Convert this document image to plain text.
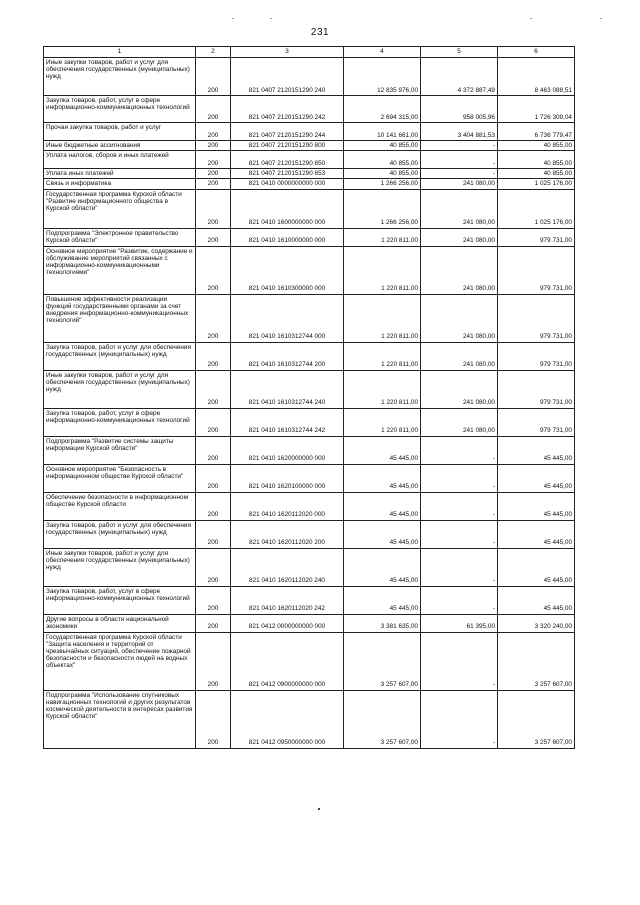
231
1	2	3	4	5	6
Иные закупки товаров, работ и услуг для обеспечения государственных (муниципальных) нужд	200	821 0407 2120151290 240	12 835 976,00	4 372 887,49	8 463 088,51
Закупка товаров, работ, услуг в сфере информационно-коммуникационных технологий	200	821 0407 2120151290 242	2 694 315,00	958 005,96	1 726 309,04
Прочая закупка товаров, работ и услуг	200	821 0407 2120151290 244	10 141 661,00	3 404 881,53	6 736 779,47
Иные бюджетные ассигнования	200	821 0407 2120151290 800	40 855,00	-	40 855,00
Уплата налогов, сборов и иных платежей	200	821 0407 2120151290 850	40 855,00	-	40 855,00
Уплата иных платежей	200	821 0407 2120151290 853	40 855,00	-	40 855,00
Связь и информатика	200	821 0410 0000000000 000	1 266 256,00	241 080,00	1 025 176,00
Государственная программа Курской области "Развитие информационного общества в Курской области"	200	821 0410 1600000000 000	1 266 256,00	241 080,00	1 025 176,00
Подпрограмма "Электронное правительство Курской области"	200	821 0410 1610000000 000	1 220 811,00	241 080,00	979 731,00
Основное мероприятие "Развитие, содержание и обслуживание мероприятий связанных с информационно-коммуникационными технологиями"	200	821 0410 1610300000 000	1 220 811,00	241 080,00	979 731,00
Повышение эффективности реализации функций государственными органами за счет внедрения информационно-коммуникационных технологий"	200	821 0410 1610312744 000	1 220 811,00	241 080,00	979 731,00
Закупка товаров, работ и услуг для обеспечения государственных (муниципальных) нужд	200	821 0410 1610312744 200	1 220 811,00	241 080,00	979 731,00
Иные закупки товаров, работ и услуг для обеспечения государственных (муниципальных) нужд	200	821 0410 1610312744 240	1 220 811,00	241 080,00	979 731,00
Закупка товаров, работ, услуг в сфере информационно-коммуникационных технологий	200	821 0410 1610312744 242	1 220 811,00	241 080,00	979 731,00
Подпрограмма "Развитие системы защиты информации Курской области"	200	821 0410 1620000000 000	45 445,00	-	45 445,00
Основное мероприятие "Безопасность в информационном обществе Курской области"	200	821 0410 1620100000 000	45 445,00	-	45 445,00
Обеспечение безопасности в информационном обществе Курской области	200	821 0410 1620112020 000	45 445,00	-	45 445,00
Закупка товаров, работ и услуг для обеспечения государственных (муниципальных) нужд	200	821 0410 1620112020 200	45 445,00	-	45 445,00
Иные закупки товаров, работ и услуг для обеспечения государственных (муниципальных) нужд	200	821 0410 1620112020 240	45 445,00	-	45 445,00
Закупка товаров, работ, услуг в сфере информационно-коммуникационных технологий	200	821 0410 1620112020 242	45 445,00	-	45 445,00
Другие вопросы в области национальной экономики	200	821 0412 0000000000 000	3 381 635,00	61 395,00	3 320 240,00
Государственная программа Курской области "Защита населения и территорий от чрезвычайных ситуаций, обеспечение пожарной безопасности и безопасности людей на водных объектах"	200	821 0412 0900000000 000	3 257 607,00	-	3 257 607,00
Подпрограмма "Использование спутниковых навигационных технологий и других результатов космической деятельности в интересах развития Курской области"	200	821 0412 0950000000 000	3 257 607,00	-	3 257 607,00
